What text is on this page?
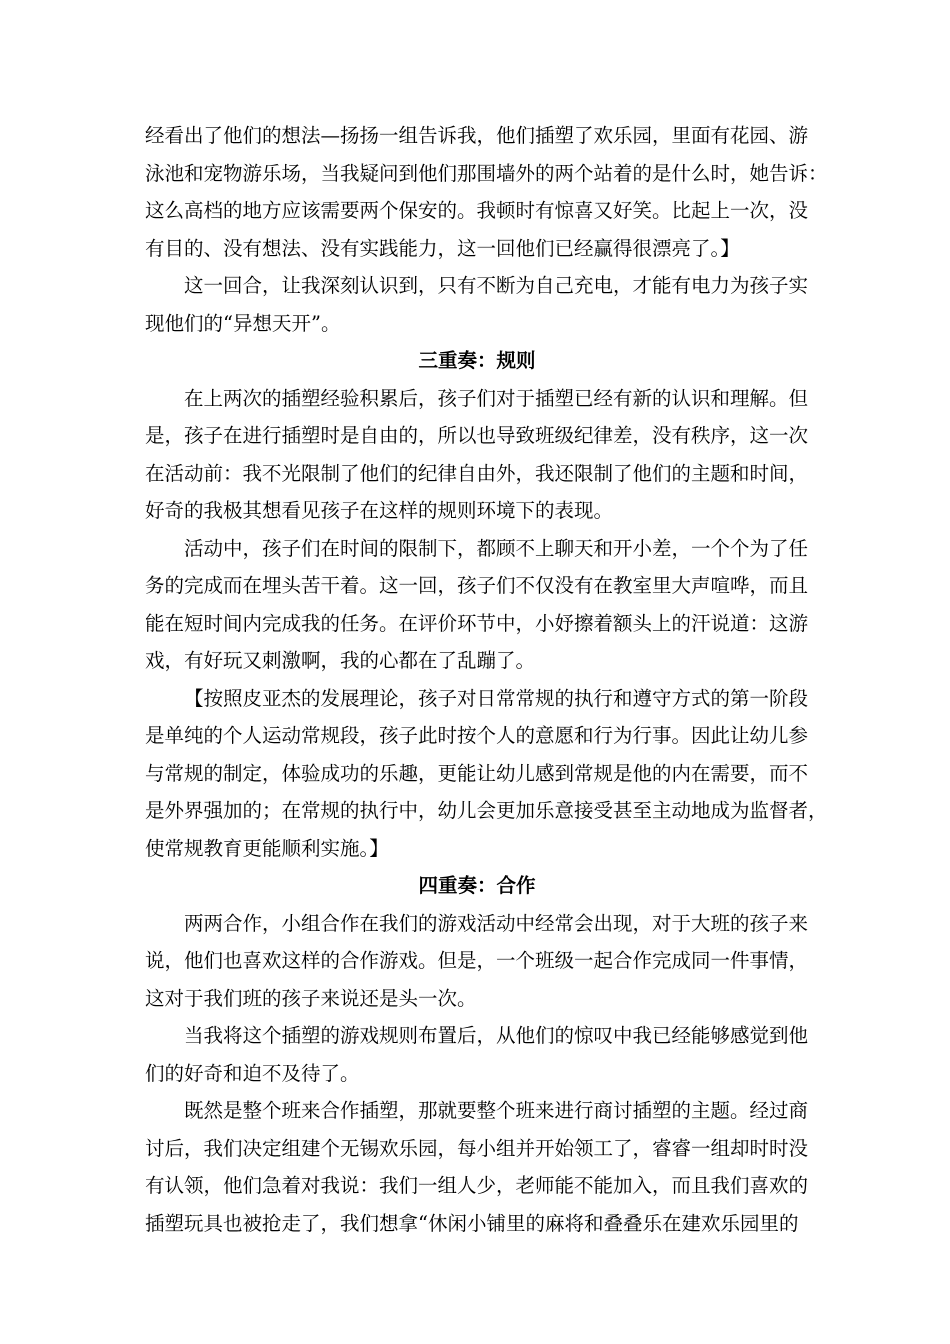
经看出了他们的想法—扬扬一组告诉我，他们插塑了欢乐园，里面有花园、游
泳池和宠物游乐场，当我疑问到他们那围墙外的两个站着的是什么时，她告诉：
这么高档的地方应该需要两个保安的。我顿时有惊喜又好笑。比起上一次，没
有目的、没有想法、没有实践能力，这一回他们已经赢得很漂亮了。】
这一回合，让我深刻认识到，只有不断为自己充电，才能有电力为孩子实
现他们的“异想天开”。
三重奏：规则
在上两次的插塑经验积累后，孩子们对于插塑已经有新的认识和理解。但
是，孩子在进行插塑时是自由的，所以也导致班级纪律差，没有秩序，这一次
在活动前：我不光限制了他们的纪律自由外，我还限制了他们的主题和时间，
好奇的我极其想看见孩子在这样的规则环境下的表现。
活动中，孩子们在时间的限制下，都顾不上聊天和开小差，一个个为了任
务的完成而在埋头苦干着。这一回，孩子们不仅没有在教室里大声喧哗，而且
能在短时间内完成我的任务。在评价环节中，小妤擦着额头上的汗说道：这游
戏，有好玩又刺激啊，我的心都在了乱蹦了。
【按照皮亚杰的发展理论，孩子对日常常规的执行和遵守方式的第一阶段
是单纯的个人运动常规段，孩子此时按个人的意愿和行为行事。因此让幼儿参
与常规的制定，体验成功的乐趣，更能让幼儿感到常规是他的内在需要，而不
是外界强加的；在常规的执行中，幼儿会更加乐意接受甚至主动地成为监督者，
使常规教育更能顺利实施。】
四重奏：合作
两两合作，小组合作在我们的游戏活动中经常会出现，对于大班的孩子来
说，他们也喜欢这样的合作游戏。但是，一个班级一起合作完成同一件事情，
这对于我们班的孩子来说还是头一次。
当我将这个插塑的游戏规则布置后，从他们的惊叹中我已经能够感觉到他
们的好奇和迫不及待了。
既然是整个班来合作插塑，那就要整个班来进行商讨插塑的主题。经过商
讨后，我们决定组建个无锡欢乐园，每小组并开始领工了，睿睿一组却时时没
有认领，他们急着对我说：我们一组人少，老师能不能加入，而且我们喜欢的
插塑玩具也被抢走了，我们想拿“休闲小铺里的麻将和叠叠乐在建欢乐园里的
